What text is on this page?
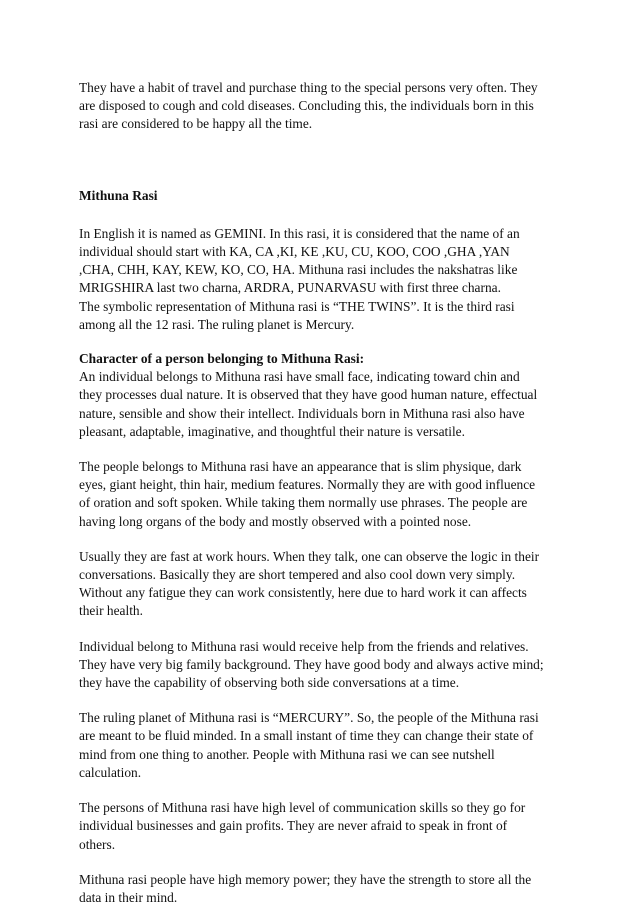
They have a habit of travel and purchase thing to the special persons very often. They
are disposed to cough and cold diseases. Concluding this, the individuals born in this
rasi are considered to be happy all the time.

Mithuna Rasi

In English it is named as GEMINI. In this rasi, it is considered that the name of an
individual should start with KA, CA ,KI, KE ,KU, CU, KOO, COO ,GHA ,YAN
,CHA, CHH, KAY, KEW, KO, CO, HA. Mithuna rasi includes the nakshatras like
MRIGSHIRA last two charna, ARDRA, PUNARVASU with first three charna.
The symbolic representation of Mithuna rasi is “THE TWINS”. It is the third rasi
among all the 12 rasi. The ruling planet is Mercury.

Character of a person belonging to Mithuna Rasi:

An individual belongs to Mithuna rasi have small face, indicating toward chin and
they processes dual nature. It is observed that they have good human nature, effectual
nature, sensible and show their intellect. Individuals born in Mithuna rasi also have
pleasant, adaptable, imaginative, and thoughtful their nature is versatile.

The people belongs to Mithuna rasi have an appearance that is slim physique, dark
eyes, giant height, thin hair, medium features. Normally they are with good influence
of oration and soft spoken. While taking them normally use phrases. The people are
having long organs of the body and mostly observed with a pointed nose.

Usually they are fast at work hours. When they talk, one can observe the logic in their
conversations. Basically they are short tempered and also cool down very simply.
Without any fatigue they can work consistently, here due to hard work it can affects
their health.

Individual belong to Mithuna rasi would receive help from the friends and relatives.
They have very big family background. They have good body and always active mind;
they have the capability of observing both side conversations at a time.

The ruling planet of Mithuna rasi is “MERCURY”. So, the people of the Mithuna rasi
are meant to be fluid minded. In a small instant of time they can change their state of
mind from one thing to another. People with Mithuna rasi we can see nutshell
calculation.

The persons of Mithuna rasi have high level of communication skills so they go for
individual businesses and gain profits. They are never afraid to speak in front of
others.

Mithuna rasi people have high memory power; they have the strength to store all the
data in their mind.
